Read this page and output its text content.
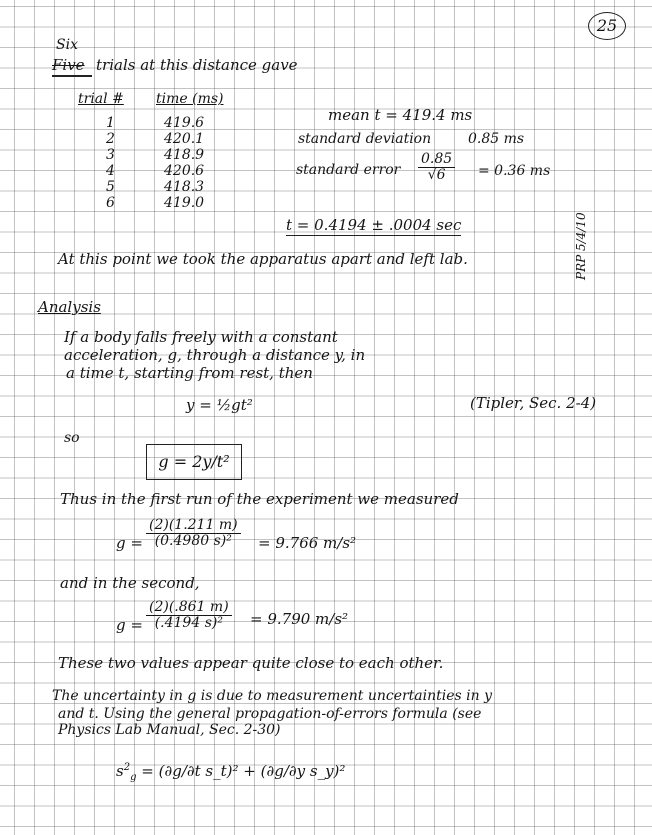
25
Six
Five trials at this distance gave
trial # time (ms)
1	419.6
2	420.1
3	418.9
4	420.6
5	418.3
6	419.0
mean t = 419.4 ms
standard deviation	0.85 ms
standard error $\frac{0.85}{√6} = 0.36$ ms
t = 0.4194 ± .0004 sec
At this point we took the apparatus apart and left lab.	PRP 5/4/10
Analysis
If a body falls freely with a constant
acceleration, g, through a distance y, in
a time t, starting from rest, then
y = ½gt²	(Tipler, Sec. 2-4)
so
g = 2y/t²
Thus in the first run of the experiment we measured
$g = \frac{(2)(1.211 m)}{\text{(0.4980 s)²}} = 9.766$ m/s²
and in the second,
$g = \frac{(2)(.861 m)}{\text{(.4194 s)²}} = 9.790$ m/s²
These two values appear quite close to each other.
The uncertainty in g is due to measurement uncertainties in y
and t. Using the general propagation-of-errors formula (see
Physics Lab Manual, Sec. 2-30)
$s^2_g = (\partial g/\partial t$ s_t)² + (∂g/∂y s_y)²
